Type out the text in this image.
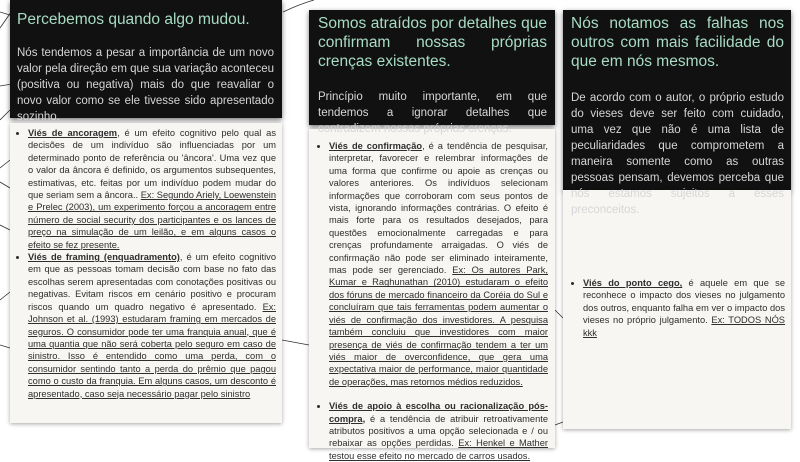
Percebemos quando algo mudou.
Nós tendemos a pesar a importância de um novo valor pela direção em que sua variação aconteceu (positiva ou negativa) mais do que reavaliar o novo valor como se ele tivesse sido apresentado sozinho.
• Viés de ancoragem, é um efeito cognitivo pelo qual as decisões de um indivíduo são influenciadas por um determinado ponto de referência ou 'âncora'. Uma vez que o valor da âncora é definido, os argumentos subsequentes, estimativas, etc. feitas por um indivíduo podem mudar do que seriam sem a âncora.. Ex: Segundo Ariely, Loewenstein e Prelec (2003), um experimento forçou a ancoragem entre número de social security dos participantes e os lances de preço na simulação de um leilão, e em alguns casos o efeito se fez presente.
• Viés de framing (enquadramento), é um efeito cognitivo em que as pessoas tomam decisão com base no fato das escolhas serem apresentadas com conotações positivas ou negativas. Evitam riscos em cenário positivo e procuram riscos quando um quadro negativo é apresentado. Ex: Johnson et al. (1993) estudaram framing em mercados de seguros. O consumidor pode ter uma franquia anual, que é uma quantia que não será coberta pelo seguro em caso de sinistro. Isso é entendido como uma perda, com o consumidor sentindo tanto a perda do prêmio que pagou como o custo da franquia. Em alguns casos, um desconto é apresentado, caso seja necessário pagar pelo sinistro
Somos atraídos por detalhes que confirmam nossas próprias crenças existentes.
Princípio muito importante, em que tendemos a ignorar detalhes que contradizem nossas próprias crenças.
• Viés de confirmação, é a tendência de pesquisar, interpretar, favorecer e relembrar informações de uma forma que confirme ou apoie as crenças ou valores anteriores. Os indivíduos selecionam informações que corroboram com seus pontos de vista, ignorando informações contrárias. O efeito é mais forte para os resultados desejados, para questões emocionalmente carregadas e para crenças profundamente arraigadas. O viés de confirmação não pode ser eliminado inteiramente, mas pode ser gerenciado. Ex: Os autores Park, Kumar e Raghunathan (2010) estudaram o efeito dos fóruns de mercado financeiro da Coréia do Sul e concluíram que tais ferramentas podem aumentar o viés de confirmação dos investidores. A pesquisa também concluiu que investidores com maior presença de viés de confirmação tendem a ter um viés maior de overconfidence, que gera uma expectativa maior de performance, maior quantidade de operações, mas retornos médios reduzidos.
• Viés de apoio à escolha ou racionalização pós-compra, é a tendência de atribuir retroativamente atributos positivos a uma opção selecionada e / ou rebaixar as opções perdidas. Ex: Henkel e Mather testou esse efeito no mercado de carros usados.
Nós notamos as falhas nos outros com mais facilidade do que em nós mesmos.
De acordo com o autor, o próprio estudo do vieses deve ser feito com cuidado, uma vez que não é uma lista de peculiaridades que comprometem a maneira somente como as outras pessoas pensam, devemos perceba que nós estamos sujeitos a esses preconceitos.
• Viés do ponto cego, é aquele em que se reconhece o impacto dos vieses no julgamento dos outros, enquanto falha em ver o impacto dos vieses no próprio julgamento. Ex: TODOS NÓS kkk
